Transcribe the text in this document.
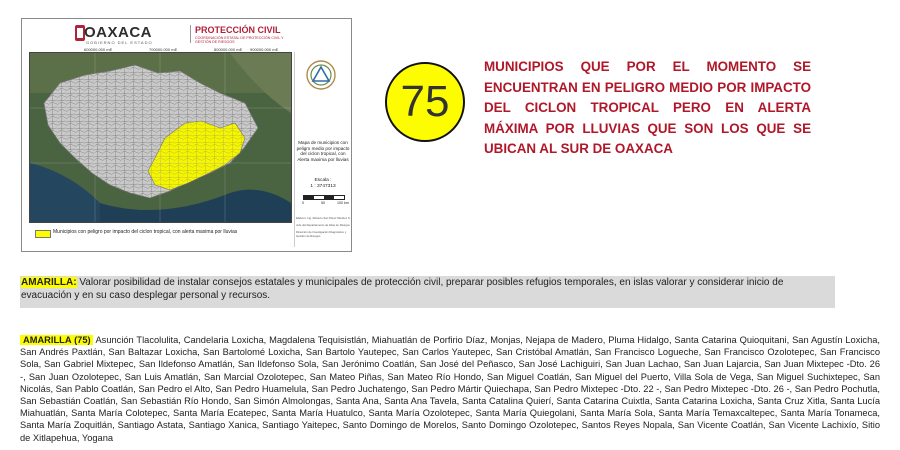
OAXACA
GOBIERNO DEL ESTADO
PROTECCIÓN CIVIL
COORDINACIÓN ESTATAL DE PROTECCIÓN CIVIL Y GESTIÓN DE RIESGOS
600000.000 mE	700000.000 mE	800000.000 mE 900000.000 mE
Municipios con peligro por impacto del ciclon tropical, con alerta maxima por lluvias
Mapa de municipios con peligro medio por impacto del ciclon tropical, con Alerta maxima por lluvias
Escala :
1 : 3747313
0	50	100 km
Elaboró: Ing. Roberto San Pérez Méndez S.

Jefe del Departamento de Atlas de Riesgos

Dirección de Investigación Diagnóstico y Gestión de Riesgos
75
MUNICIPIOS QUE POR EL MOMENTO SE ENCUENTRAN EN PELIGRO MEDIO POR IMPACTO DEL CICLON TROPICAL PERO EN ALERTA MÁXIMA POR LLUVIAS QUE SON LOS QUE SE UBICAN AL SUR DE OAXACA
AMARILLA: Valorar posibilidad de instalar consejos estatales y municipales de protección civil, preparar posibles refugios temporales, en islas valorar y considerar inicio de evacuación y en su caso desplegar personal y recursos.
AMARILLA (75) Asunción Tlacolulita, Candelaria Loxicha, Magdalena Tequisistlán, Miahuatlán de Porfirio Díaz, Monjas, Nejapa de Madero, Pluma Hidalgo, Santa Catarina Quioquitani, San Agustín Loxicha, San Andrés Paxtlán, San Baltazar Loxicha, San Bartolomé Loxicha, San Bartolo Yautepec, San Carlos Yautepec, San Cristóbal Amatlán, San Francisco Logueche, San Francisco Ozolotepec, San Francisco Sola, San Gabriel Mixtepec, San Ildefonso Amatlán, San Ildefonso Sola, San Jerónimo Coatlán, San José del Peñasco, San José Lachiguiri, San Juan Lachao, San Juan Lajarcia, San Juan Mixtepec -Dto. 26 -, San Juan Ozolotepec, San Luis Amatlán, San Marcial Ozolotepec, San Mateo Piñas, San Mateo Río Hondo, San Miguel Coatlán, San Miguel del Puerto, Villa Sola de Vega, San Miguel Suchixtepec, San Nicolás, San Pablo Coatlán, San Pedro el Alto, San Pedro Huamelula, San Pedro Juchatengo, San Pedro Mártir Quiechapa, San Pedro Mixtepec -Dto. 22 -, San Pedro Mixtepec -Dto. 26 -, San Pedro Pochutla, San Sebastián Coatlán, San Sebastián Río Hondo, San Simón Almolongas, Santa Ana, Santa Ana Tavela, Santa Catalina Quierí, Santa Catarina Cuixtla, Santa Catarina Loxicha, Santa Cruz Xitla, Santa Lucía Miahuatlán, Santa María Colotepec, Santa María Ecatepec, Santa María Huatulco, Santa María Ozolotepec, Santa María Quiegolani, Santa María Sola, Santa María Temaxcaltepec, Santa María Tonameca, Santa María Zoquitlán, Santiago Astata, Santiago Xanica, Santiago Yaitepec, Santo Domingo de Morelos, Santo Domingo Ozolotepec, Santos Reyes Nopala, San Vicente Coatlán, San Vicente Lachixío, Sitio de Xitlapehua, Yogana
